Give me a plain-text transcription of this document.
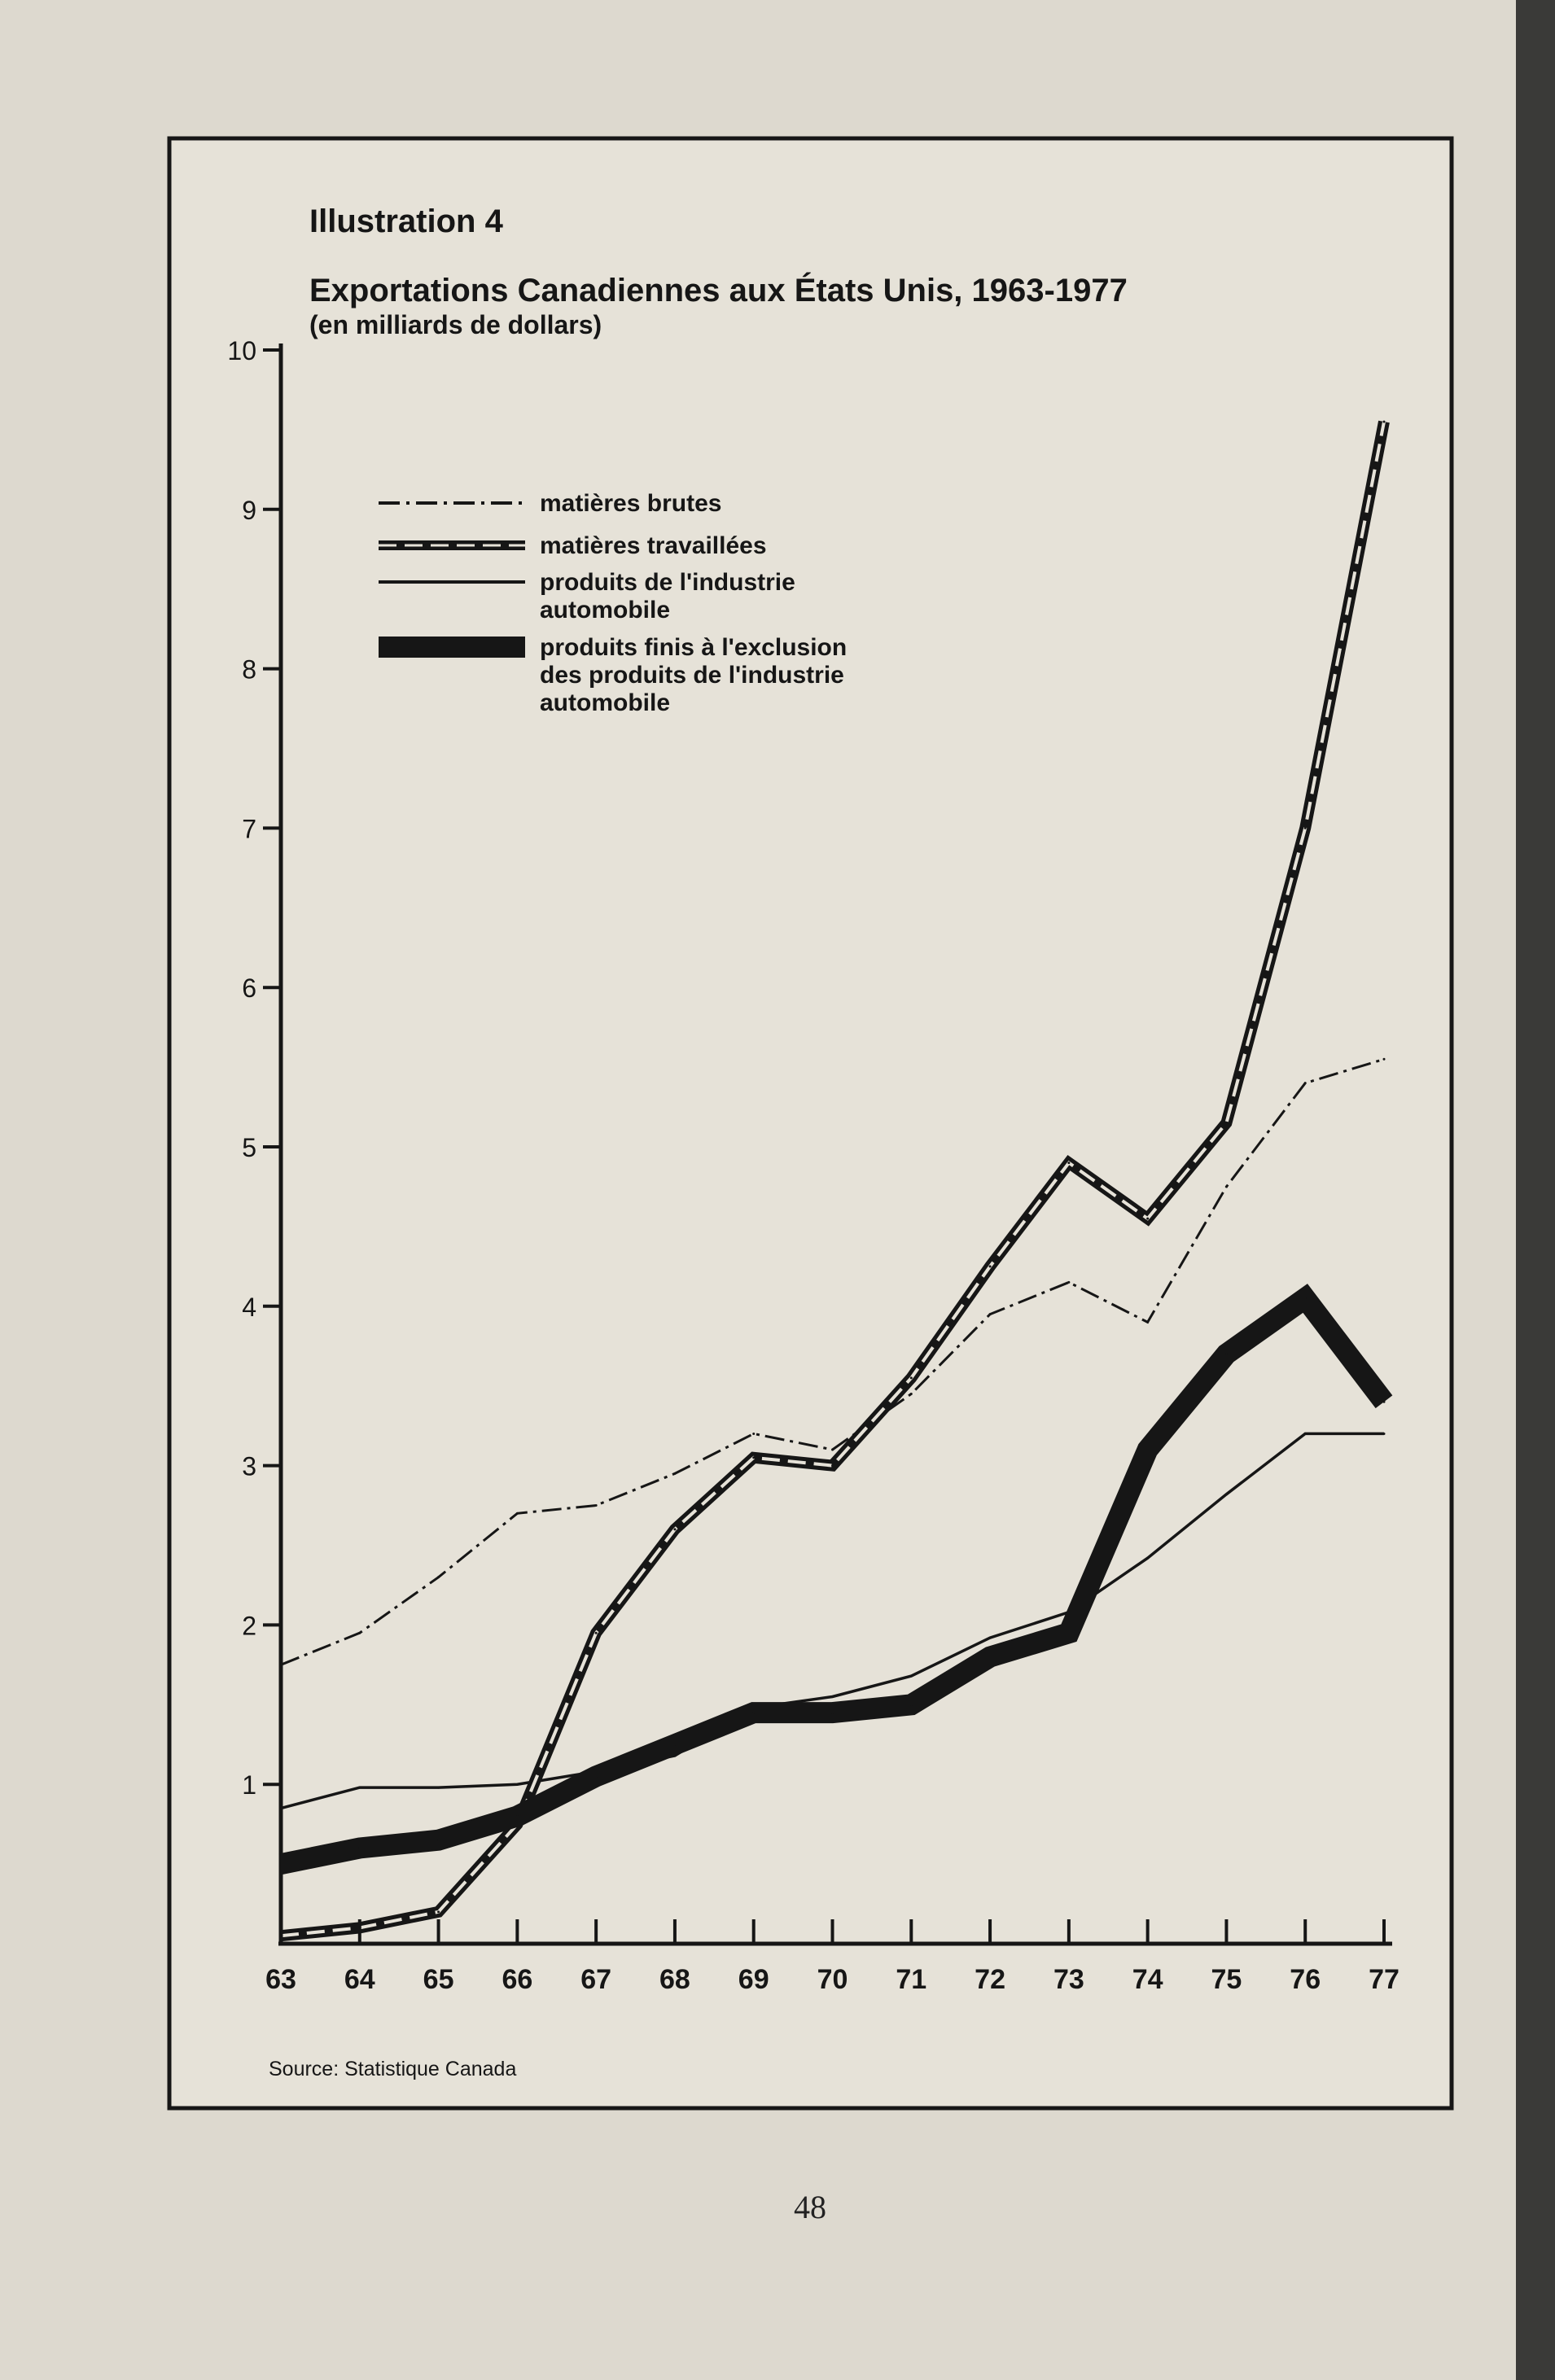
1
2
3
4
5
6
7
8
9
10
63 64 65 66 67 68 69 70 71 72 73 74 75 76 77
Illustration 4
Exportations Canadiennes aux États Unis, 1963-1977
(en milliards de dollars)
Source: Statistique Canada
matières brutes
matières travaillées
produits de l'industrie
automobile
produits finis à l'exclusion
des produits de l'industrie
automobile
48
